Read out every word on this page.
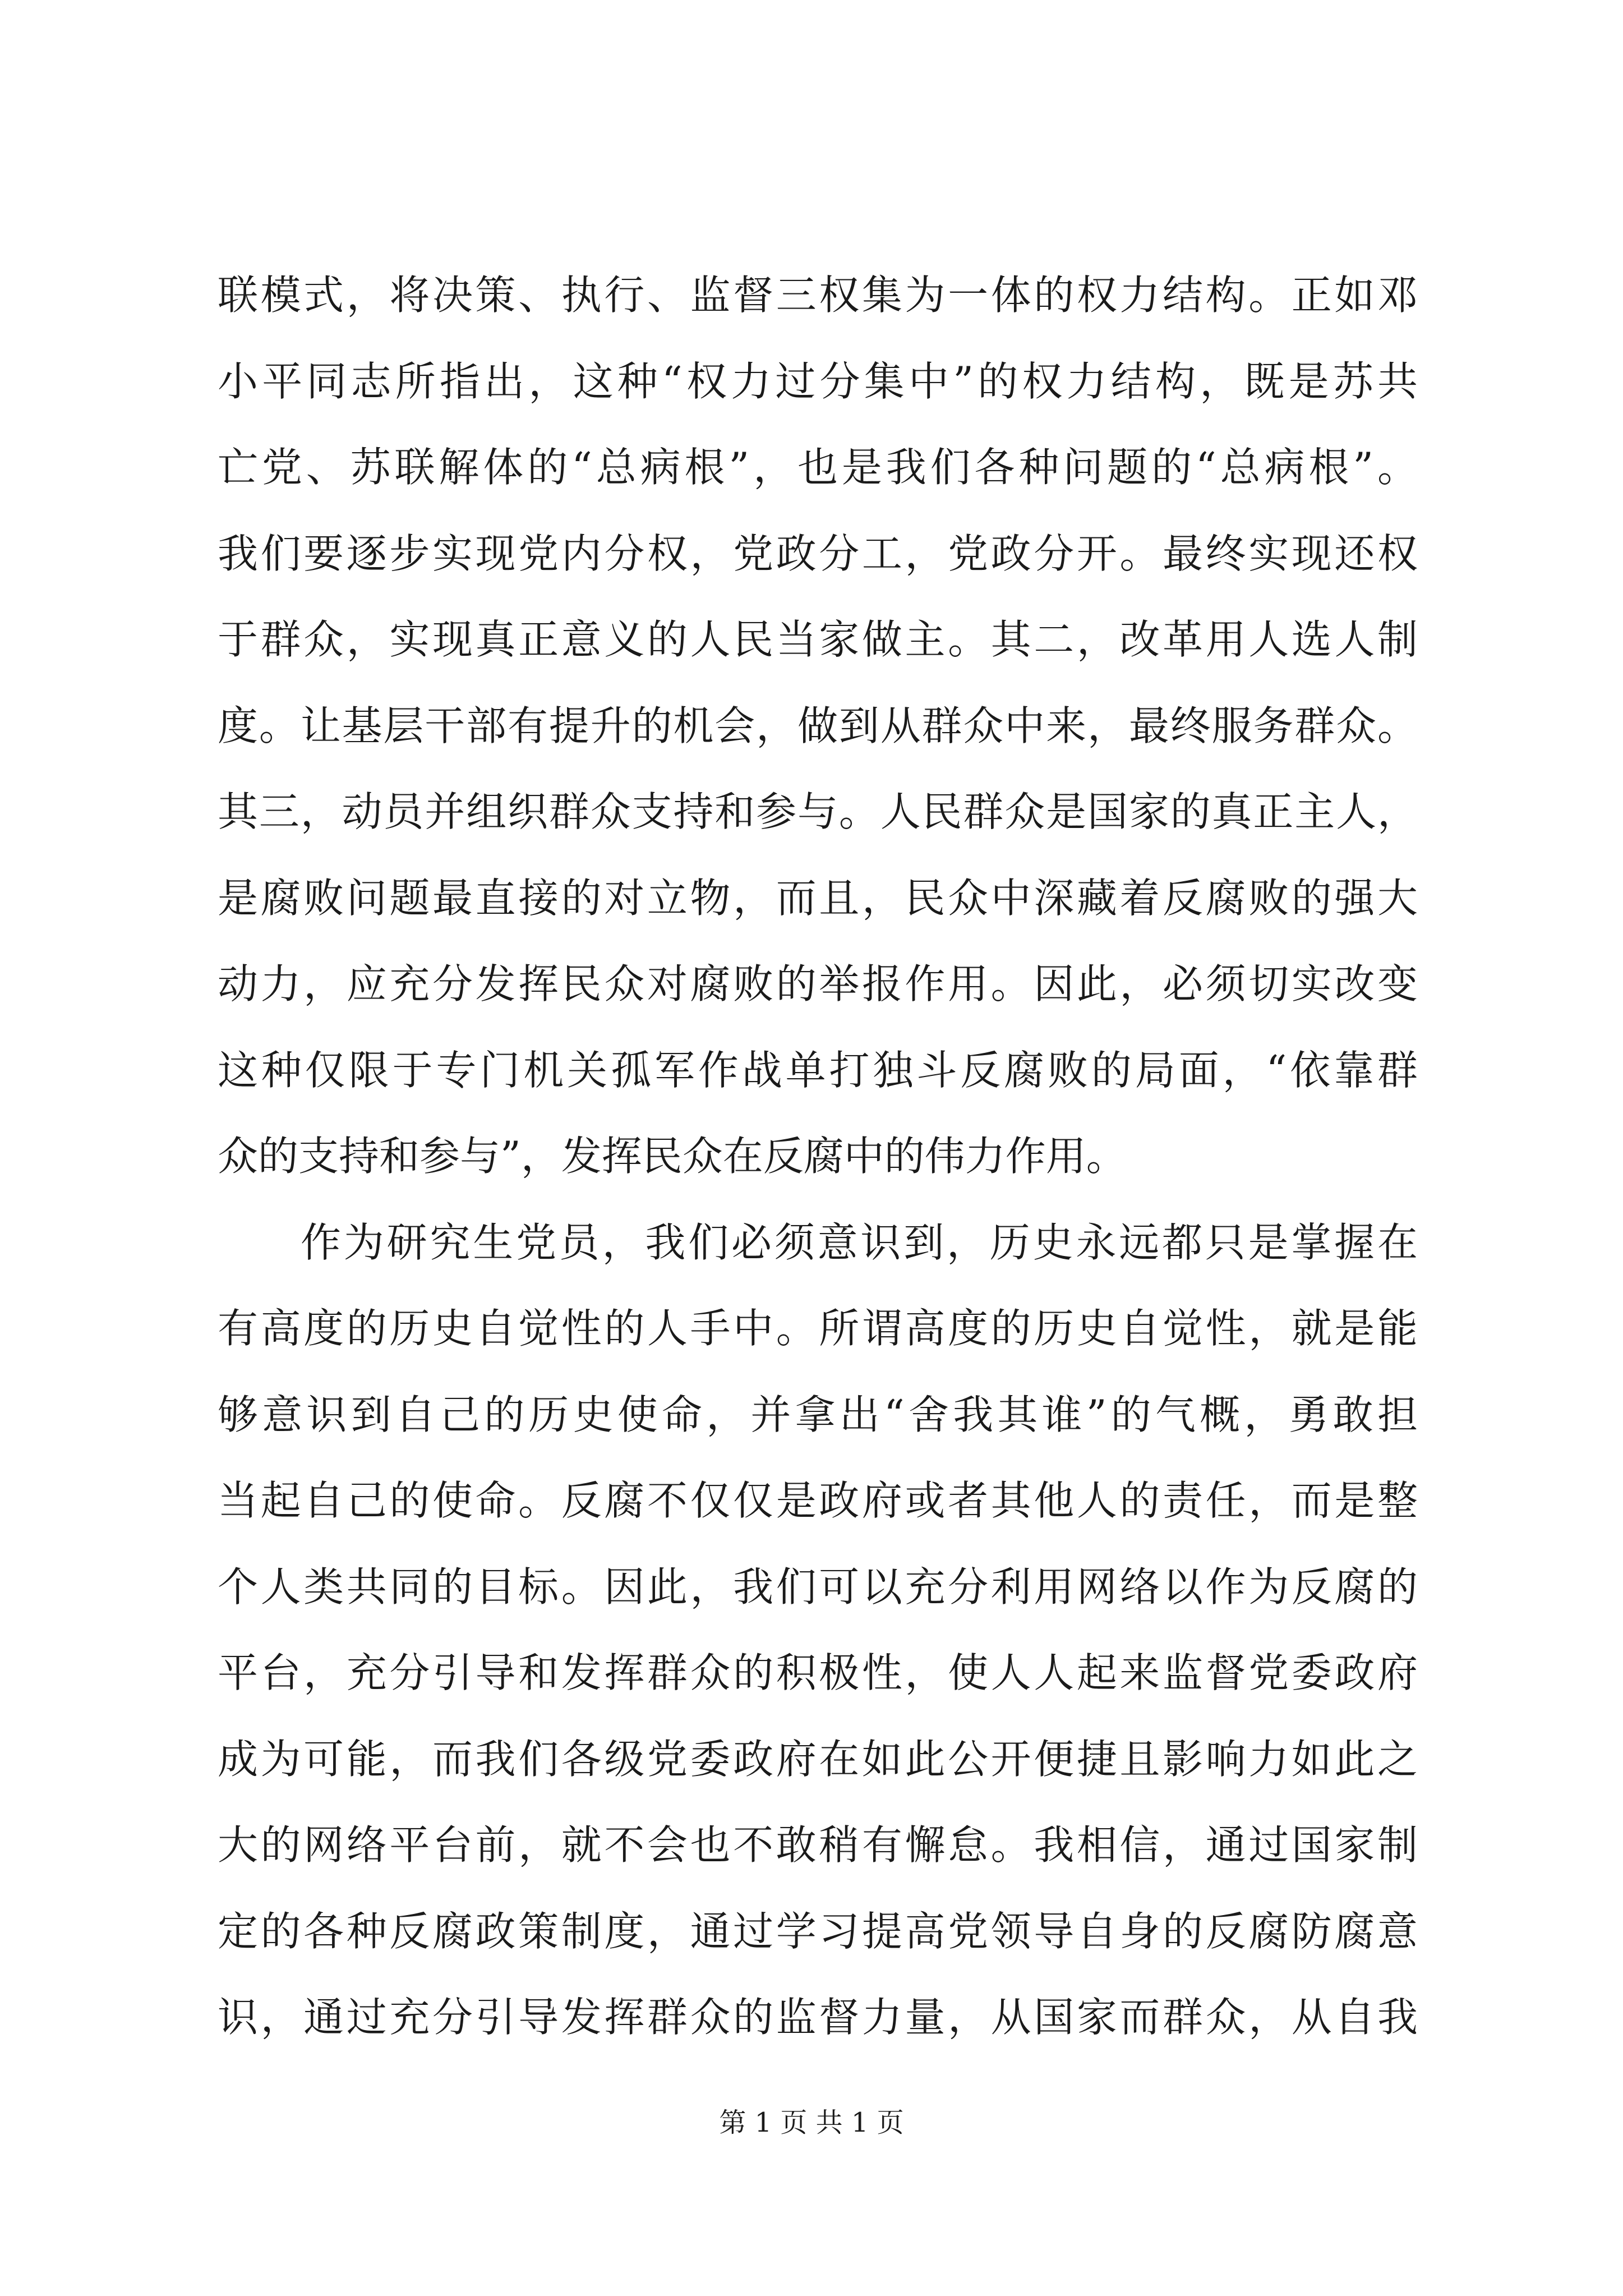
联模式，将决策、执行、监督三权集为一体的权力结构。正如邓
小平同志所指出，这种“权力过分集中”的权力结构，既是苏共
亡党、苏联解体的“总病根”，也是我们各种问题的“总病根”。
我们要逐步实现党内分权，党政分工，党政分开。最终实现还权
于群众，实现真正意义的人民当家做主。其二，改革用人选人制
度。让基层干部有提升的机会，做到从群众中来，最终服务群众。
其三，动员并组织群众支持和参与。人民群众是国家的真正主人，
是腐败问题最直接的对立物，而且，民众中深藏着反腐败的强大
动力，应充分发挥民众对腐败的举报作用。因此，必须切实改变
这种仅限于专门机关孤军作战单打独斗反腐败的局面，“依靠群
众的支持和参与”，发挥民众在反腐中的伟力作用。
作为研究生党员，我们必须意识到，历史永远都只是掌握在
有高度的历史自觉性的人手中。所谓高度的历史自觉性，就是能
够意识到自己的历史使命，并拿出“舍我其谁”的气概，勇敢担
当起自己的使命。反腐不仅仅是政府或者其他人的责任，而是整
个人类共同的目标。因此，我们可以充分利用网络以作为反腐的
平台，充分引导和发挥群众的积极性，使人人起来监督党委政府
成为可能，而我们各级党委政府在如此公开便捷且影响力如此之
大的网络平台前，就不会也不敢稍有懈怠。我相信，通过国家制
定的各种反腐政策制度，通过学习提高党领导自身的反腐防腐意
识，通过充分引导发挥群众的监督力量，从国家而群众，从自我
第 1 页 共 1 页
